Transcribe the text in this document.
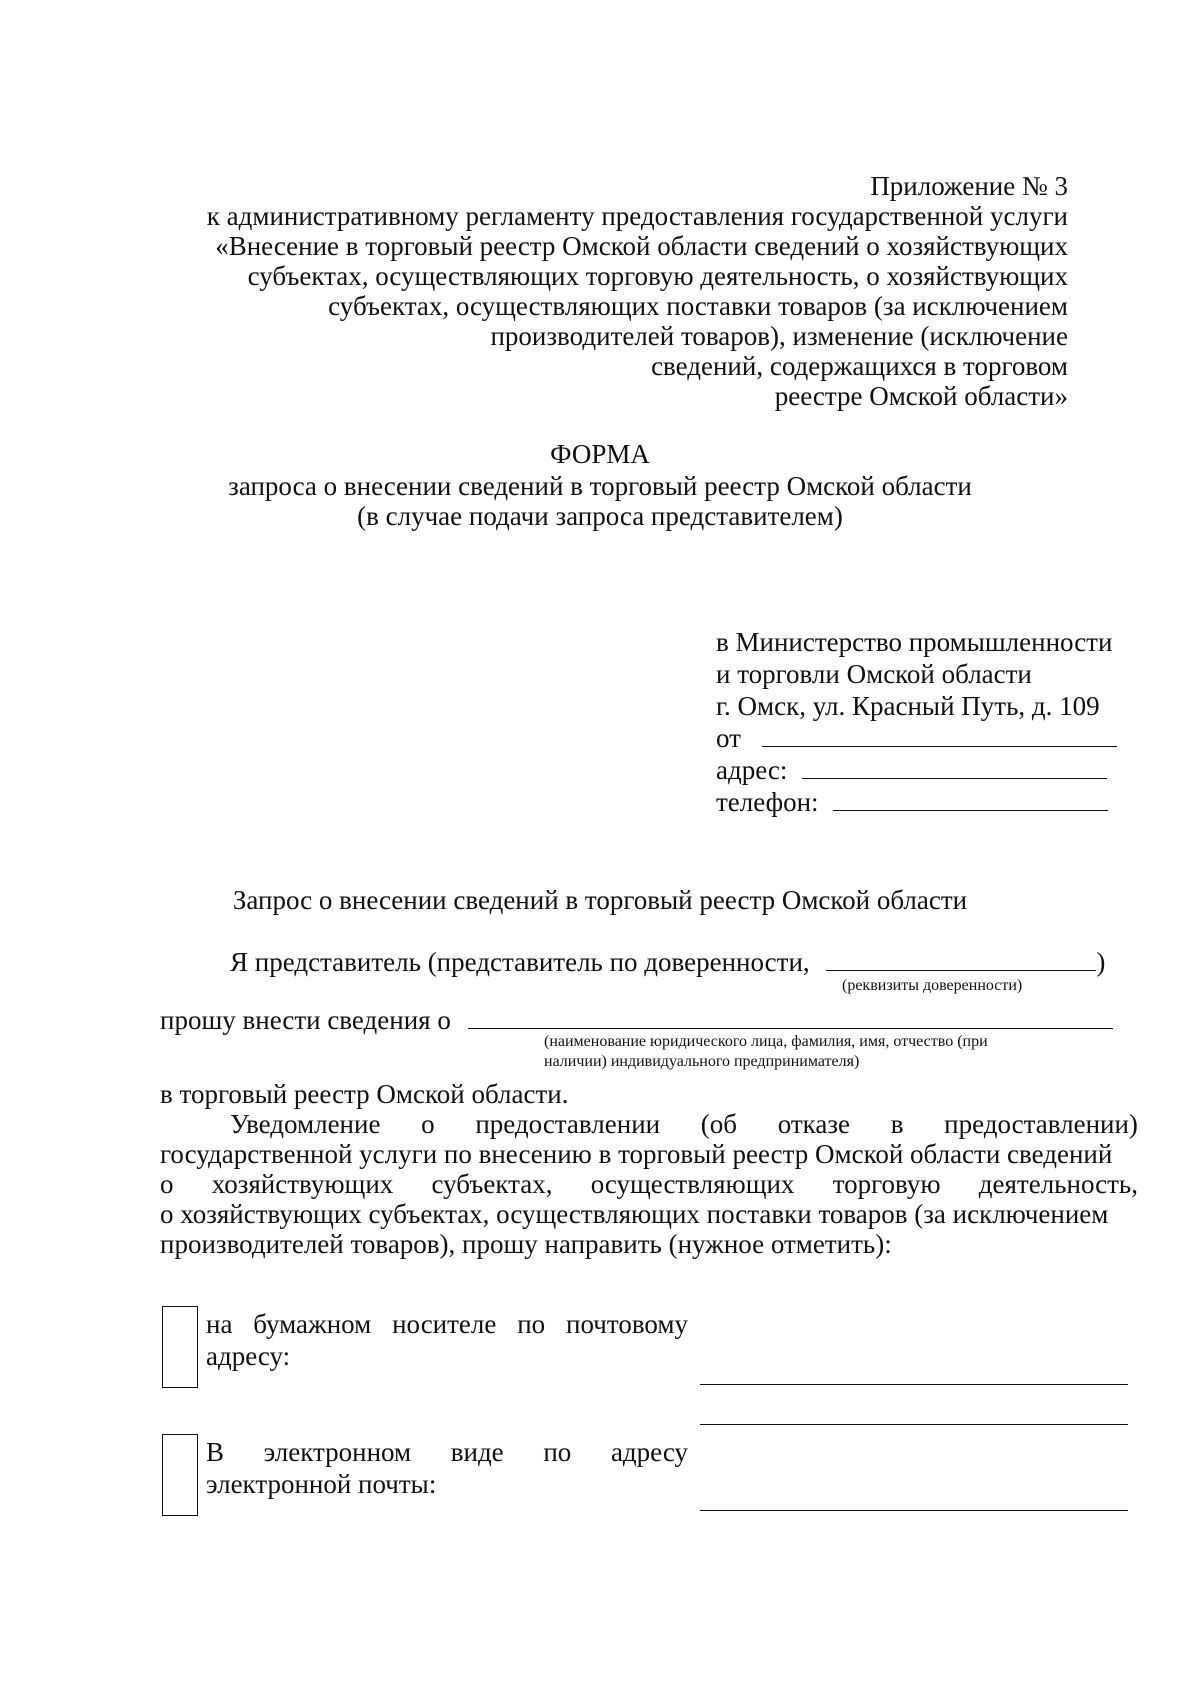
Приложение № 3
к административному регламенту предоставления государственной услуги
«Внесение в торговый реестр Омской области сведений о хозяйствующих
субъектах, осуществляющих торговую деятельность, о хозяйствующих
субъектах, осуществляющих поставки товаров (за исключением
производителей товаров), изменение (исключение
сведений, содержащихся в торговом
реестре Омской области»
ФОРМА
запроса о внесении сведений в торговый реестр Омской области
(в случае подачи запроса представителем)
в Министерство промышленности
и торговли Омской области
г. Омск, ул. Красный Путь, д. 109
от
адрес:
телефон:
Запрос о внесении сведений в торговый реестр Омской области
Я представитель (представитель по доверенности,	)
(реквизиты доверенности)
прошу внести сведения о
(наименование юридического лица, фамилия, имя, отчество (при
наличии) индивидуального предпринимателя)
в торговый реестр Омской области.
Уведомление о предоставлении (об отказе в предоставлении)
государственной услуги по внесению в торговый реестр Омской области сведений
о хозяйствующих субъектах, осуществляющих торговую деятельность,
о хозяйствующих субъектах, осуществляющих поставки товаров (за исключением
производителей товаров), прошу направить (нужное отметить):
на бумажном носителе по почтовому
адресу:
В электронном виде по адресу
электронной почты:
